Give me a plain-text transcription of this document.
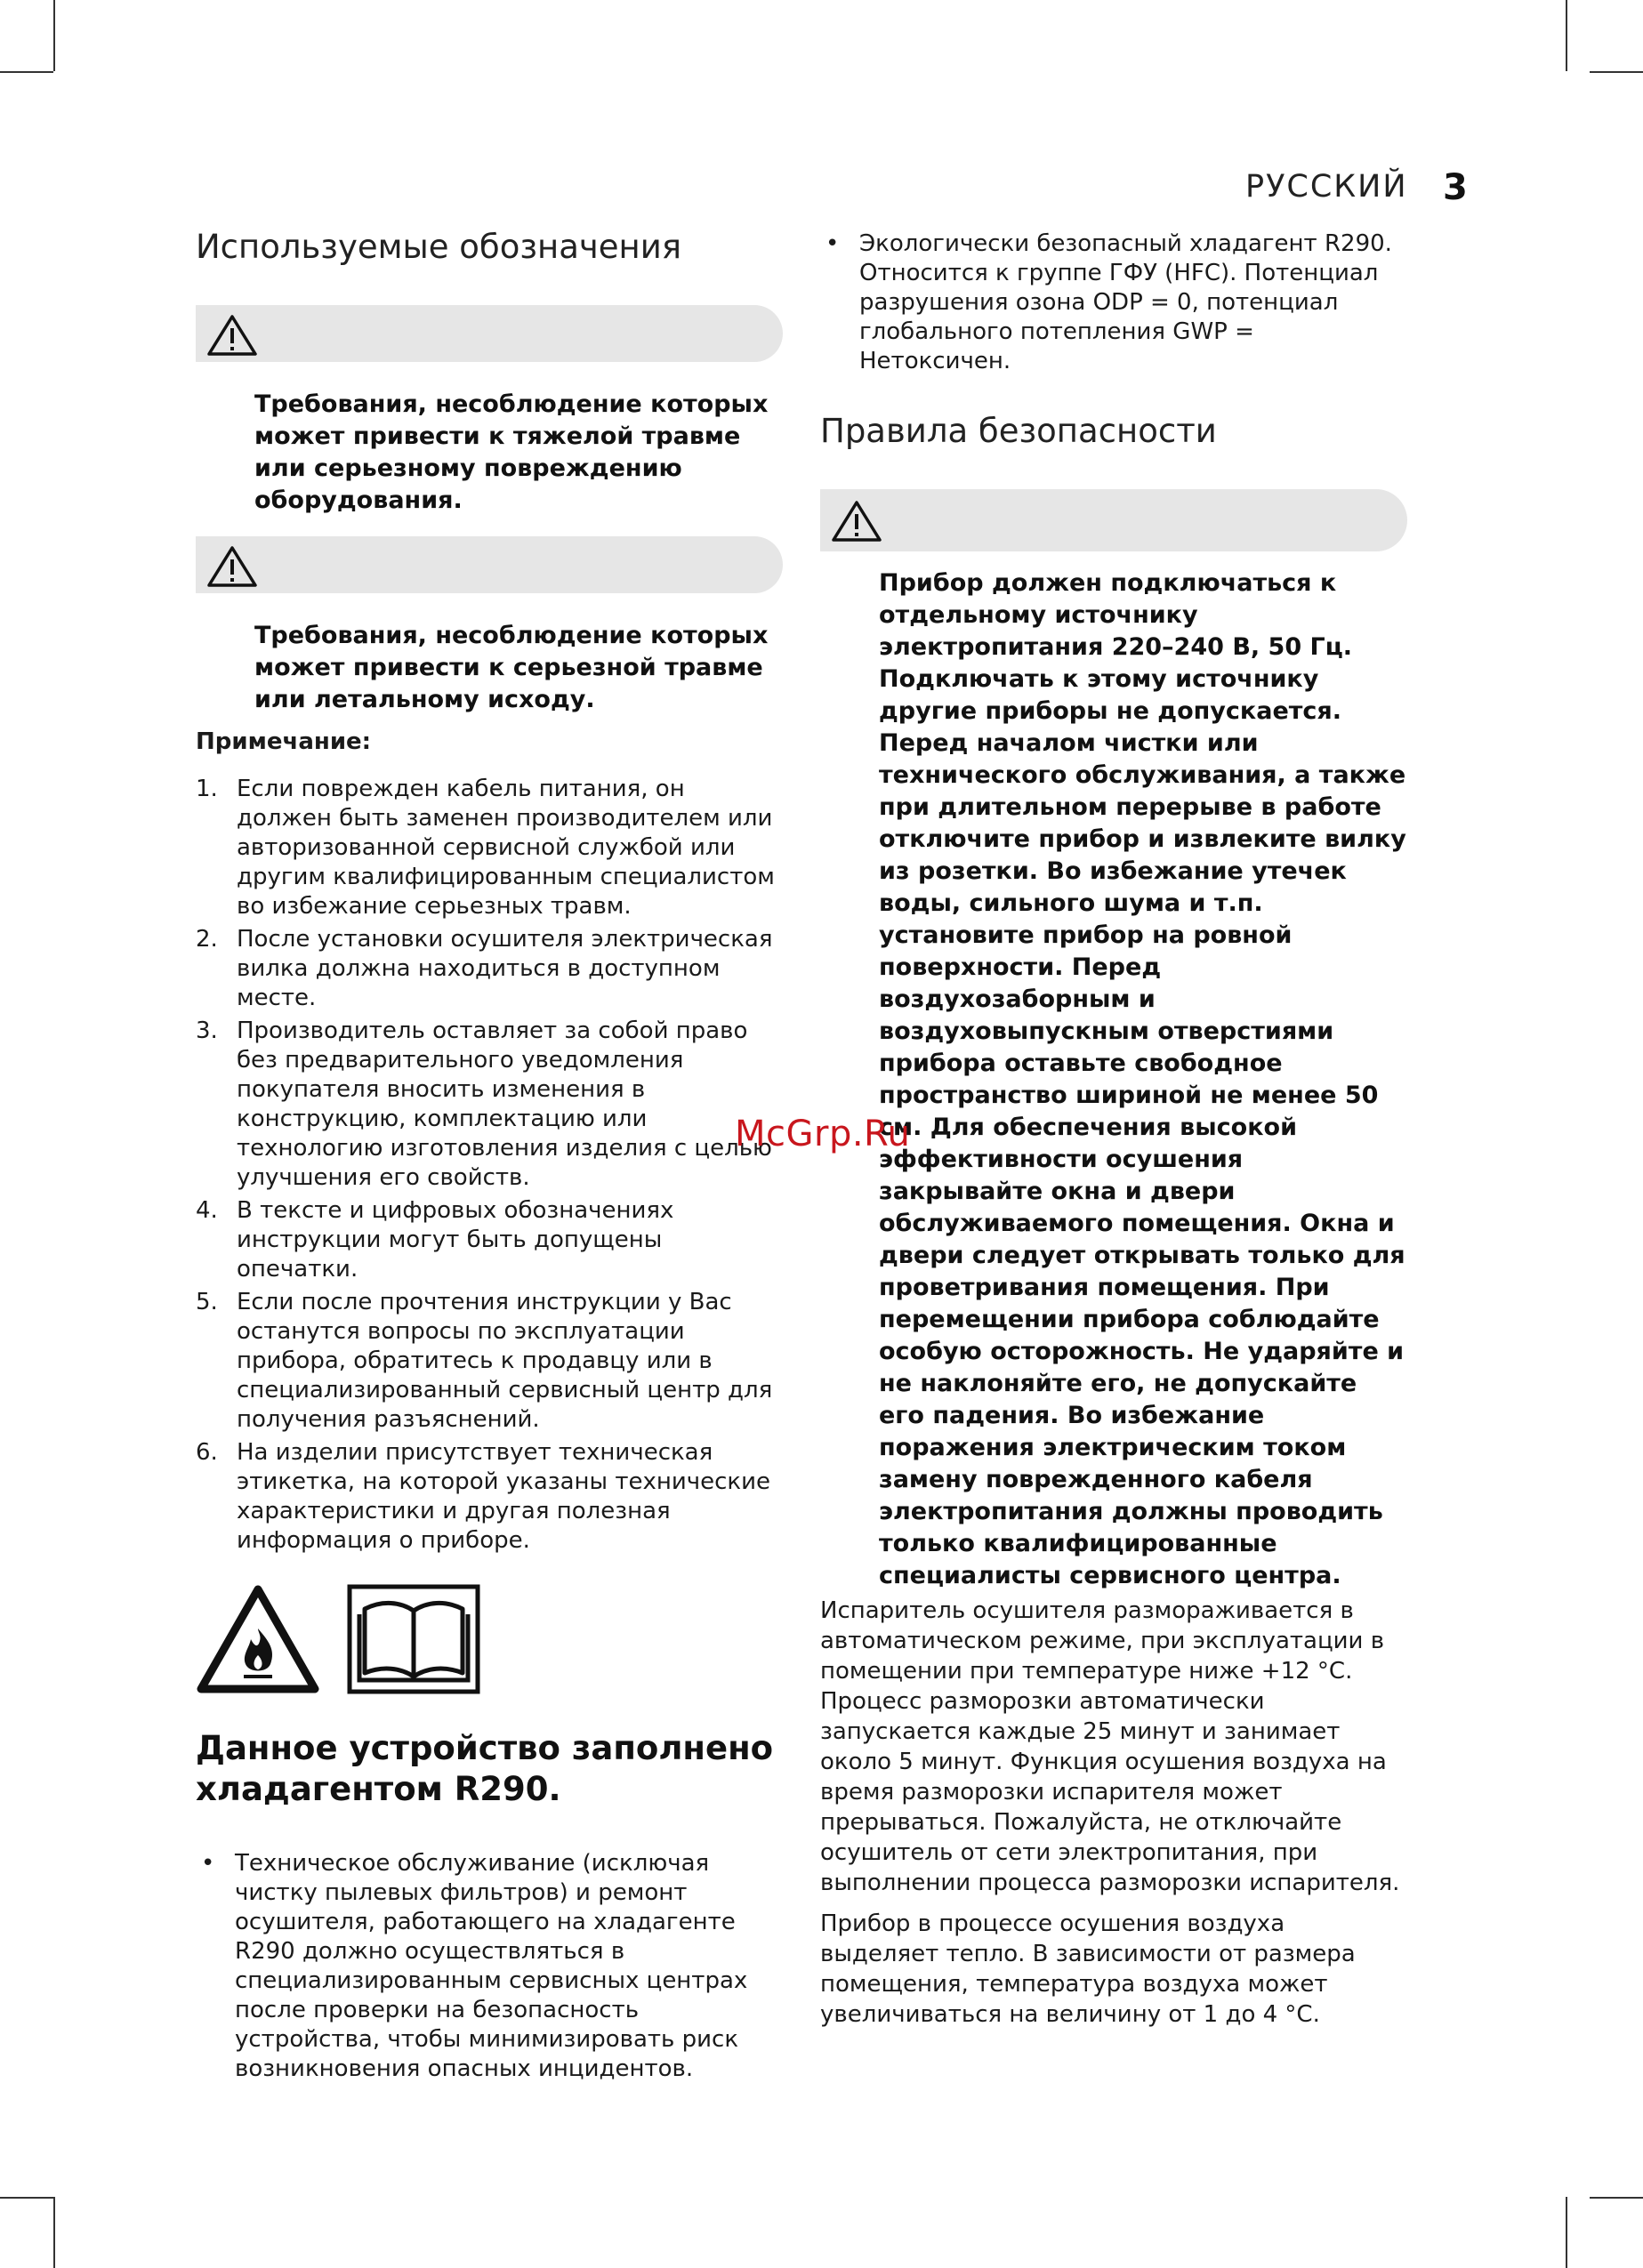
РУССКИЙ 3
Используемые обозначения

Требования, несоблюдение которых может привести к тяжелой травме или серьезному повреждению оборудования.

Требования, несоблюдение которых может привести к серьезной травме или летальному исходу.

Примечание:

1. Если поврежден кабель питания, он должен быть заменен производителем или авторизованной сервисной службой или другим квалифицированным специалистом во избежание серьезных травм.
2. После установки осушителя электрическая вилка должна находиться в доступном месте.
3. Производитель оставляет за собой право без предварительного уведомления покупателя вносить изменения в конструкцию, комплектацию или технологию изготовления изделия с целью улучшения его свойств.
4. В тексте и цифровых обозначениях инструкции могут быть допущены опечатки.
5. Если после прочтения инструкции у Вас останутся вопросы по эксплуатации прибора, обратитесь к продавцу или в специализированный сервисный центр для получения разъяснений.
6. На изделии присутствует техническая этикетка, на которой указаны технические характеристики и другая полезная информация о приборе.
Данное устройство заполнено хладагентом R290.
• Техническое обслуживание (исключая чистку пылевых фильтров) и ремонт осушителя, работающего на хладагенте R290 должно осуществляться в специализированным сервисных центрах после проверки на безопасность устройства, чтобы минимизировать риск возникновения опасных инцидентов.
• Экологически безопасный хладагент R290. Относится к группе ГФУ (HFC). Потенциал разрушения озона ODP = 0, потенциал глобального потепления GWP = Нетоксичен.
Правила безопасности

Прибор должен подключаться к отдельному источнику электропитания 220–240 В, 50 Гц. Подключать к этому источнику другие приборы не допускается. Перед началом чистки или технического обслуживания, а также при длительном перерыве в работе отключите прибор и извлеките вилку из розетки. Во избежание утечек воды, сильного шума и т.п. установите прибор на ровной поверхности. Перед воздухозаборным и воздуховыпускным отверстиями прибора оставьте свободное пространство шириной не менее 50 см. Для обеспечения высокой эффективности осушения закрывайте окна и двери обслуживаемого помещения. Окна и двери следует открывать только для проветривания помещения. При перемещении прибора соблюдайте особую осторожность. Не ударяйте и не наклоняйте его, не допускайте его падения. Во избежание поражения электрическим током замену поврежденного кабеля электропитания должны проводить только квалифицированные специалисты сервисного центра.

Испаритель осушителя размораживается в автоматическом режиме, при эксплуатации в помещении при температуре ниже +12 °С. Процесс разморозки автоматически запускается каждые 25 минут и занимает около 5 минут. Функция осушения воздуха на время разморозки испарителя может прерываться. Пожалуйста, не отключайте осушитель от сети электропитания, при выполнении процесса разморозки испарителя.

Прибор в процессе осушения воздуха выделяет тепло. В зависимости от размера помещения, температура воздуха может увеличиваться на величину от 1 до 4 °С.

McGrp.Ru
